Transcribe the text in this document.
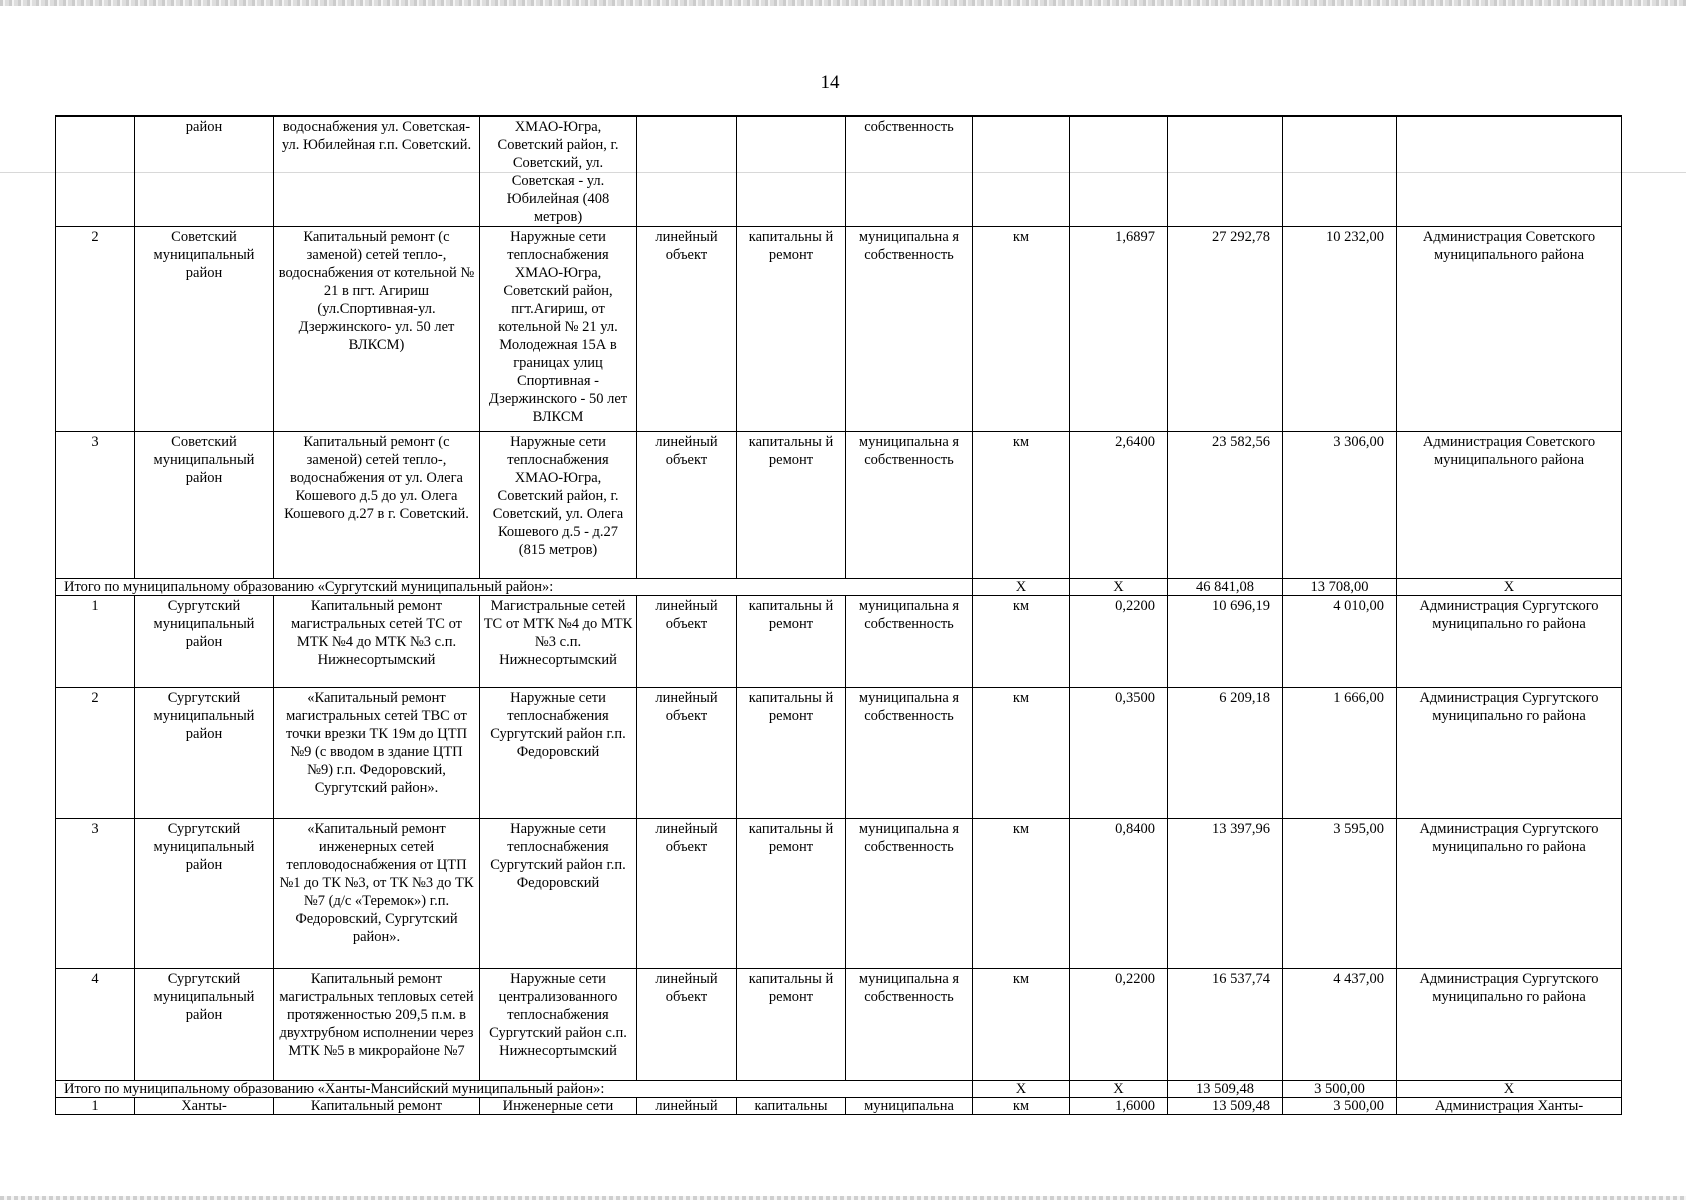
14
	район	водоснабжения ул. Советская-ул. Юбилейная г.п. Советский.	ХМАО-Югра, Советский район, г. Советский, ул. Советская - ул. Юбилейная (408 метров)			собственность					
2	Советский муниципальный район	Капитальный ремонт (с заменой) сетей тепло-, водоснабжения от котельной № 21 в пгт. Агириш (ул.Спортивная-ул. Дзержинского- ул. 50 лет ВЛКСМ)	Наружные сети теплоснабжения ХМАО-Югра, Советский район, пгт.Агириш, от котельной № 21 ул. Молодежная 15А в границах улиц Спортивная - Дзержинского - 50 лет ВЛКСМ	линейный объект	капитальны й ремонт	муниципальна я собственность	км	1,6897	27 292,78	10 232,00	Администрация Советского муниципального района
3	Советский муниципальный район	Капитальный ремонт (с заменой) сетей тепло-, водоснабжения от ул. Олега Кошевого д.5 до ул. Олега Кошевого д.27 в г. Советский.	Наружные сети теплоснабжения ХМАО-Югра, Советский район, г. Советский, ул. Олега Кошевого д.5 - д.27 (815 метров)	линейный объект	капитальны й ремонт	муниципальна я собственность	км	2,6400	23 582,56	3 306,00	Администрация Советского муниципального района
Итого по муниципальному образованию «Сургутский муниципальный район»:							Х	Х	46 841,08	13 708,00	Х
1	Сургутский муниципальный район	Капитальный ремонт магистральных сетей ТС от МТК №4 до МТК №3 с.п. Нижнесортымский	Магистральные сетей ТС от МТК №4 до МТК №3 с.п. Нижнесортымский	линейный объект	капитальны й ремонт	муниципальна я собственность	км	0,2200	10 696,19	4 010,00	Администрация Сургутского муниципально го района
2	Сургутский муниципальный район	«Капитальный ремонт магистральных сетей ТВС от точки врезки ТК 19м до ЦТП №9 (с вводом в здание ЦТП №9) г.п. Федоровский, Сургутский район».	Наружные сети теплоснабжения Сургутский район г.п. Федоровский	линейный объект	капитальны й ремонт	муниципальна я собственность	км	0,3500	6 209,18	1 666,00	Администрация Сургутского муниципально го района
3	Сургутский муниципальный район	«Капитальный ремонт инженерных сетей тепловодоснабжения от ЦТП №1 до ТК №3, от ТК №3 до ТК №7 (д/с «Теремок») г.п. Федоровский, Сургутский район».	Наружные сети теплоснабжения Сургутский район г.п. Федоровский	линейный объект	капитальны й ремонт	муниципальна я собственность	км	0,8400	13 397,96	3 595,00	Администрация Сургутского муниципально го района
4	Сургутский муниципальный район	Капитальный ремонт магистральных тепловых сетей протяженностью 209,5 п.м. в двухтрубном исполнении через МТК №5 в микрорайоне №7	Наружные сети централизованного теплоснабжения Сургутский район с.п. Нижнесортымский	линейный объект	капитальны й ремонт	муниципальна я собственность	км	0,2200	16 537,74	4 437,00	Администрация Сургутского муниципально го района
Итого по муниципальному образованию «Ханты-Мансийский муниципальный район»:							Х	Х	13 509,48	3 500,00	Х
1	Ханты-	Капитальный ремонт	Инженерные сети	линейный	капитальны	муниципальна	км	1,6000	13 509,48	3 500,00	Администрация Ханты-
